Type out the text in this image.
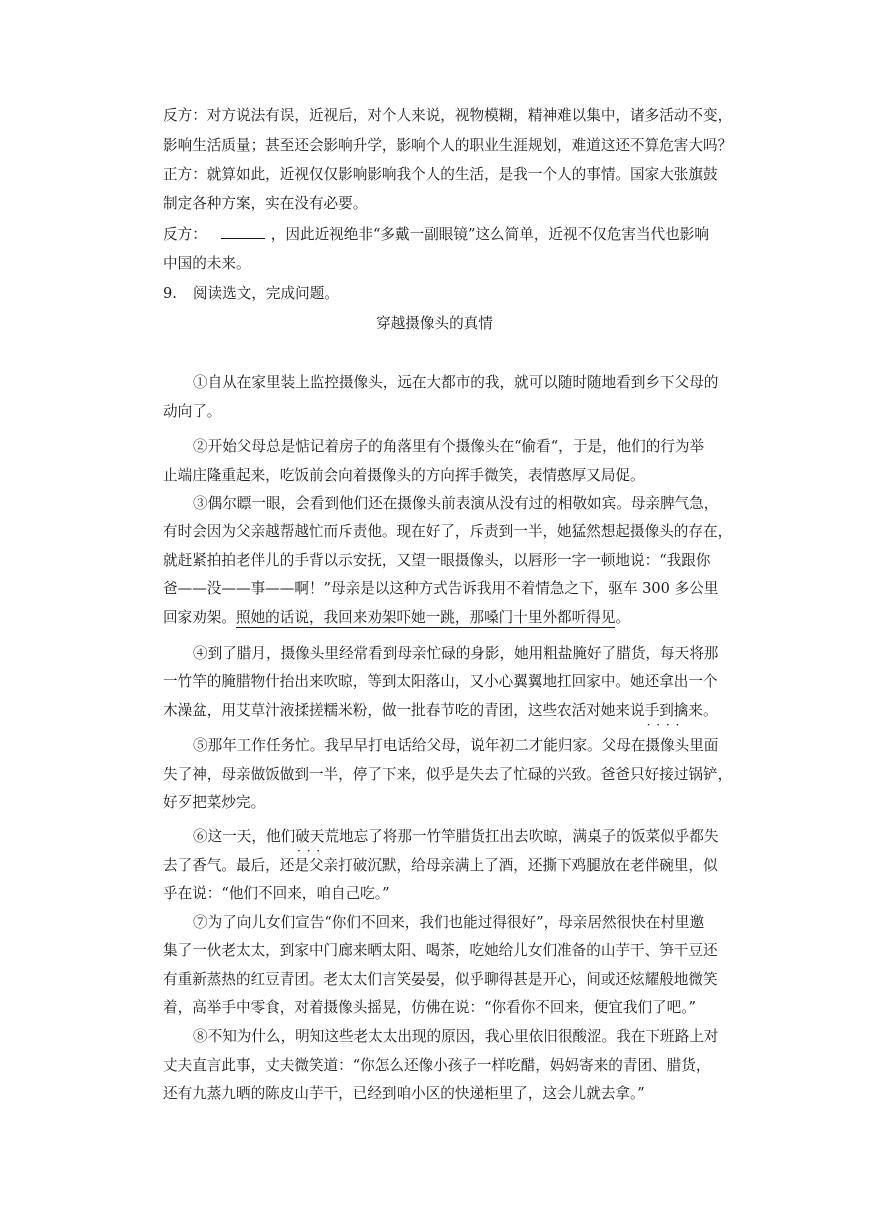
反方：对方说法有误，近视后，对个人来说，视物模糊，精神难以集中，诸多活动不变，
影响生活质量；甚至还会影响升学，影响个人的职业生涯规划，难道这还不算危害大吗？
正方：就算如此，近视仅仅影响影响我个人的生活，是我一个人的事情。国家大张旗鼓
制定各种方案，实在没有必要。
反方：	，因此近视绝非“多戴一副眼镜”这么简单，近视不仅危害当代也影响
中国的未来。
9. 阅读选文，完成问题。
穿越摄像头的真情
①自从在家里装上监控摄像头，远在大都市的我，就可以随时随地看到乡下父母的
动向了。
②开始父母总是惦记着房子的角落里有个摄像头在“偷看“，于是，他们的行为举
止端庄隆重起来，吃饭前会向着摄像头的方向挥手微笑，表情憨厚又局促。
③偶尔瞟一眼，会看到他们还在摄像头前表演从没有过的相敬如宾。母亲脾气急，
有时会因为父亲越帮越忙而斥责他。现在好了，斥责到一半，她猛然想起摄像头的存在，
就赶紧拍拍老伴儿的手背以示安抚，又望一眼摄像头，以唇形一字一顿地说：“我跟你
爸——没——事——啊！”母亲是以这种方式告诉我用不着情急之下，驱车 300 多公里
回家劝架。照她的话说，我回来劝架吓她一跳，那嗓门十里外都听得见。
④到了腊月，摄像头里经常看到母亲忙碌的身影，她用粗盐腌好了腊货，每天将那
一竹竿的腌腊物什抬出来吹晾，等到太阳落山，又小心翼翼地扛回家中。她还拿出一个
木澡盆，用艾草汁液揉搓糯米粉，做一批春节吃的青团，这些农活对她来说手到擒来 · · · ·。
⑤那年工作任务忙。我早早打电话给父母，说年初二才能归家。父母在摄像头里面
失了神，母亲做饭做到一半，停了下来，似乎是失去了忙碌的兴致。爸爸只好接过锅铲，
好歹把菜炒完。
⑥这一天，他们破天荒 · · ·地忘了将那一竹竿腊货扛出去吹晾，满桌子的饭菜似乎都失
去了香气。最后，还是父亲打破沉默，给母亲满上了酒，还撕下鸡腿放在老伴碗里，似
乎在说：“他们不回来，咱自己吃。”
⑦为了向儿女们宣告“你们不回来，我们也能过得很好”，母亲居然很快在村里邀
集了一伙老太太，到家中门廊来晒太阳、喝茶，吃她给儿女们准备的山芋干、笋干豆还
有重新蒸热的红豆青团。老太太们言笑晏晏，似乎聊得甚是开心，间或还炫耀般地微笑
着，高举手中零食，对着摄像头摇晃，仿佛在说：“你看你不回来，便宜我们了吧。”
⑧不知为什么，明知这些老太太出现的原因，我心里依旧很酸涩。我在下班路上对
丈夫直言此事，丈夫微笑道：“你怎么还像小孩子一样吃醋，妈妈寄来的青团、腊货，
还有九蒸九晒的陈皮山芋干，已经到咱小区的快递柜里了，这会儿就去拿。”
